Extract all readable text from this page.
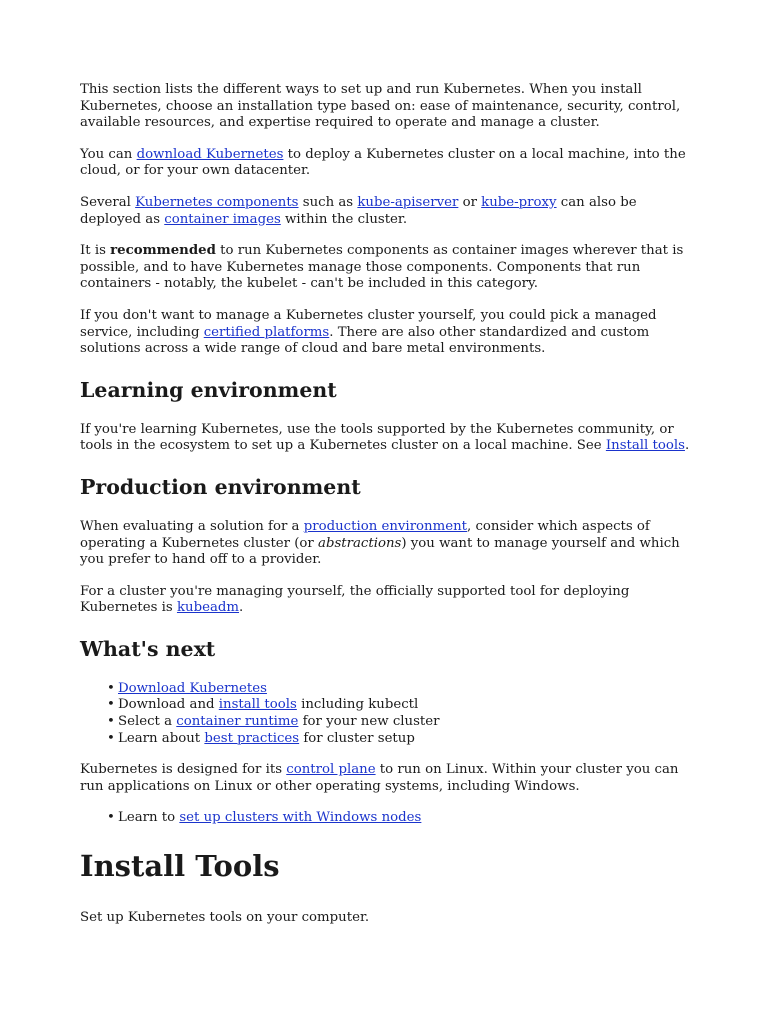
This section lists the different ways to set up and run Kubernetes. When you install Kubernetes, choose an installation type based on: ease of maintenance, security, control, available resources, and expertise required to operate and manage a cluster.

You can download Kubernetes to deploy a Kubernetes cluster on a local machine, into the cloud, or for your own datacenter.

Several Kubernetes components such as kube-apiserver or kube-proxy can also be deployed as container images within the cluster.

It is recommended to run Kubernetes components as container images wherever that is possible, and to have Kubernetes manage those components. Components that run containers - notably, the kubelet - can't be included in this category.

If you don't want to manage a Kubernetes cluster yourself, you could pick a managed service, including certified platforms. There are also other standardized and custom solutions across a wide range of cloud and bare metal environments.

Learning environment

If you're learning Kubernetes, use the tools supported by the Kubernetes community, or tools in the ecosystem to set up a Kubernetes cluster on a local machine. See Install tools.

Production environment

When evaluating a solution for a production environment, consider which aspects of operating a Kubernetes cluster (or abstractions) you want to manage yourself and which you prefer to hand off to a provider.

For a cluster you're managing yourself, the officially supported tool for deploying Kubernetes is kubeadm.

What's next
• Download Kubernetes
• Download and install tools including kubectl
• Select a container runtime for your new cluster
• Learn about best practices for cluster setup

Kubernetes is designed for its control plane to run on Linux. Within your cluster you can run applications on Linux or other operating systems, including Windows.

• Learn to set up clusters with Windows nodes
Install Tools

Set up Kubernetes tools on your computer.
